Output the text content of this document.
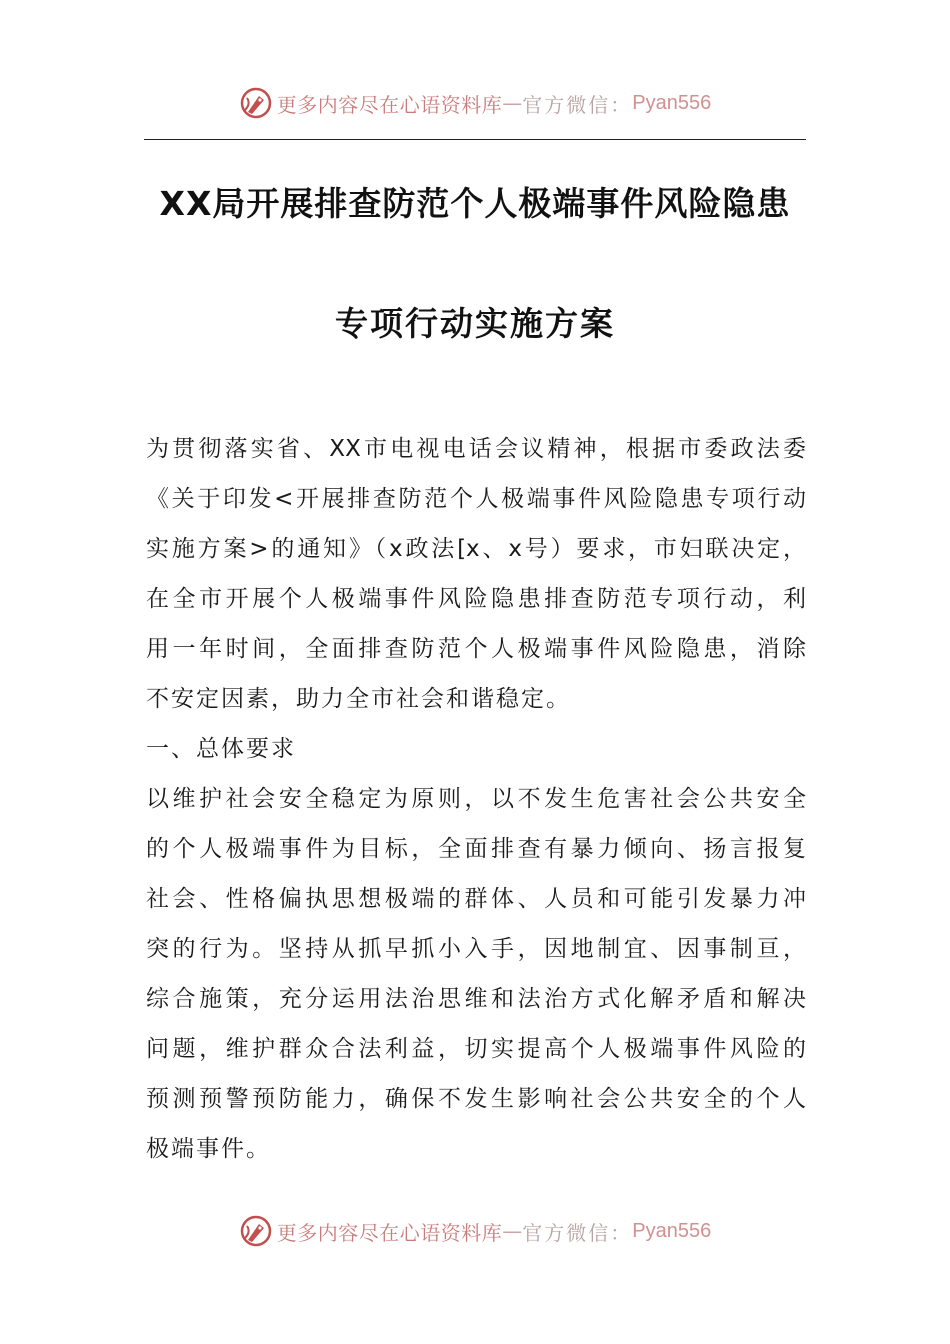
更多内容尽在心语资料库 — 官方微信： Pyan556
XX局开展排查防范个人极端事件风险隐患
专项行动实施方案
为贯彻落实省、XX市电视电话会议精神，根据市委政法委
《关于印发<开展排查防范个人极端事件风险隐患专项行动
实施方案>的通知》（x政法[x、x号）要求，市妇联决定，
在全市开展个人极端事件风险隐患排查防范专项行动，利
用一年时间，全面排查防范个人极端事件风险隐患，消除
不安定因素，助力全市社会和谐稳定。
一、总体要求
以维护社会安全稳定为原则，以不发生危害社会公共安全
的个人极端事件为目标，全面排查有暴力倾向、扬言报复
社会、性格偏执思想极端的群体、人员和可能引发暴力冲
突的行为。坚持从抓早抓小入手，因地制宜、因事制亘，
综合施策，充分运用法治思维和法治方式化解矛盾和解决
问题，维护群众合法利益，切实提高个人极端事件风险的
预测预警预防能力，确保不发生影响社会公共安全的个人
极端事件。
更多内容尽在心语资料库 — 官方微信： Pyan556
